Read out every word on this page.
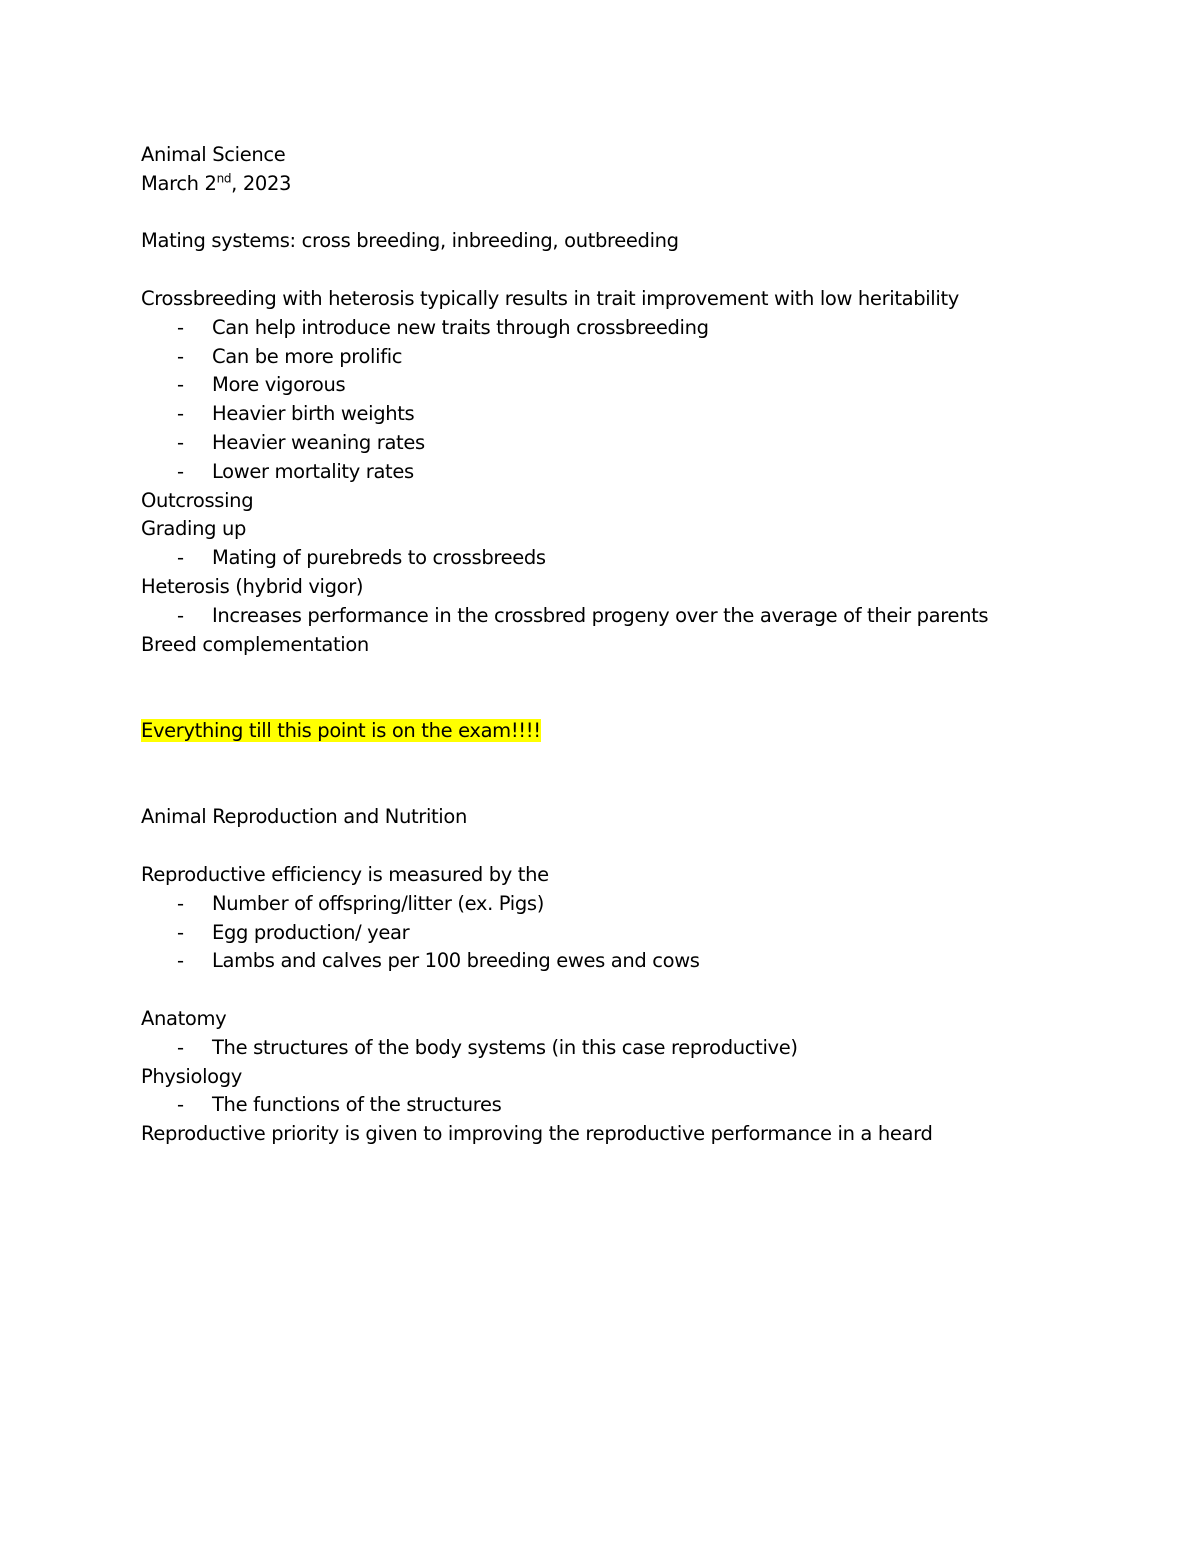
Animal Science
March 2nd, 2023
Mating systems: cross breeding, inbreeding, outbreeding
Crossbreeding with heterosis typically results in trait improvement with low heritability
- Can help introduce new traits through crossbreeding
- Can be more prolific
- More vigorous
- Heavier birth weights
- Heavier weaning rates
- Lower mortality rates
Outcrossing
Grading up
- Mating of purebreds to crossbreeds
Heterosis (hybrid vigor)
- Increases performance in the crossbred progeny over the average of their parents
Breed complementation
Everything till this point is on the exam!!!!
Animal Reproduction and Nutrition
Reproductive efficiency is measured by the
- Number of offspring/litter (ex. Pigs)
- Egg production/ year
- Lambs and calves per 100 breeding ewes and cows
Anatomy
- The structures of the body systems (in this case reproductive)
Physiology
- The functions of the structures
Reproductive priority is given to improving the reproductive performance in a heard
